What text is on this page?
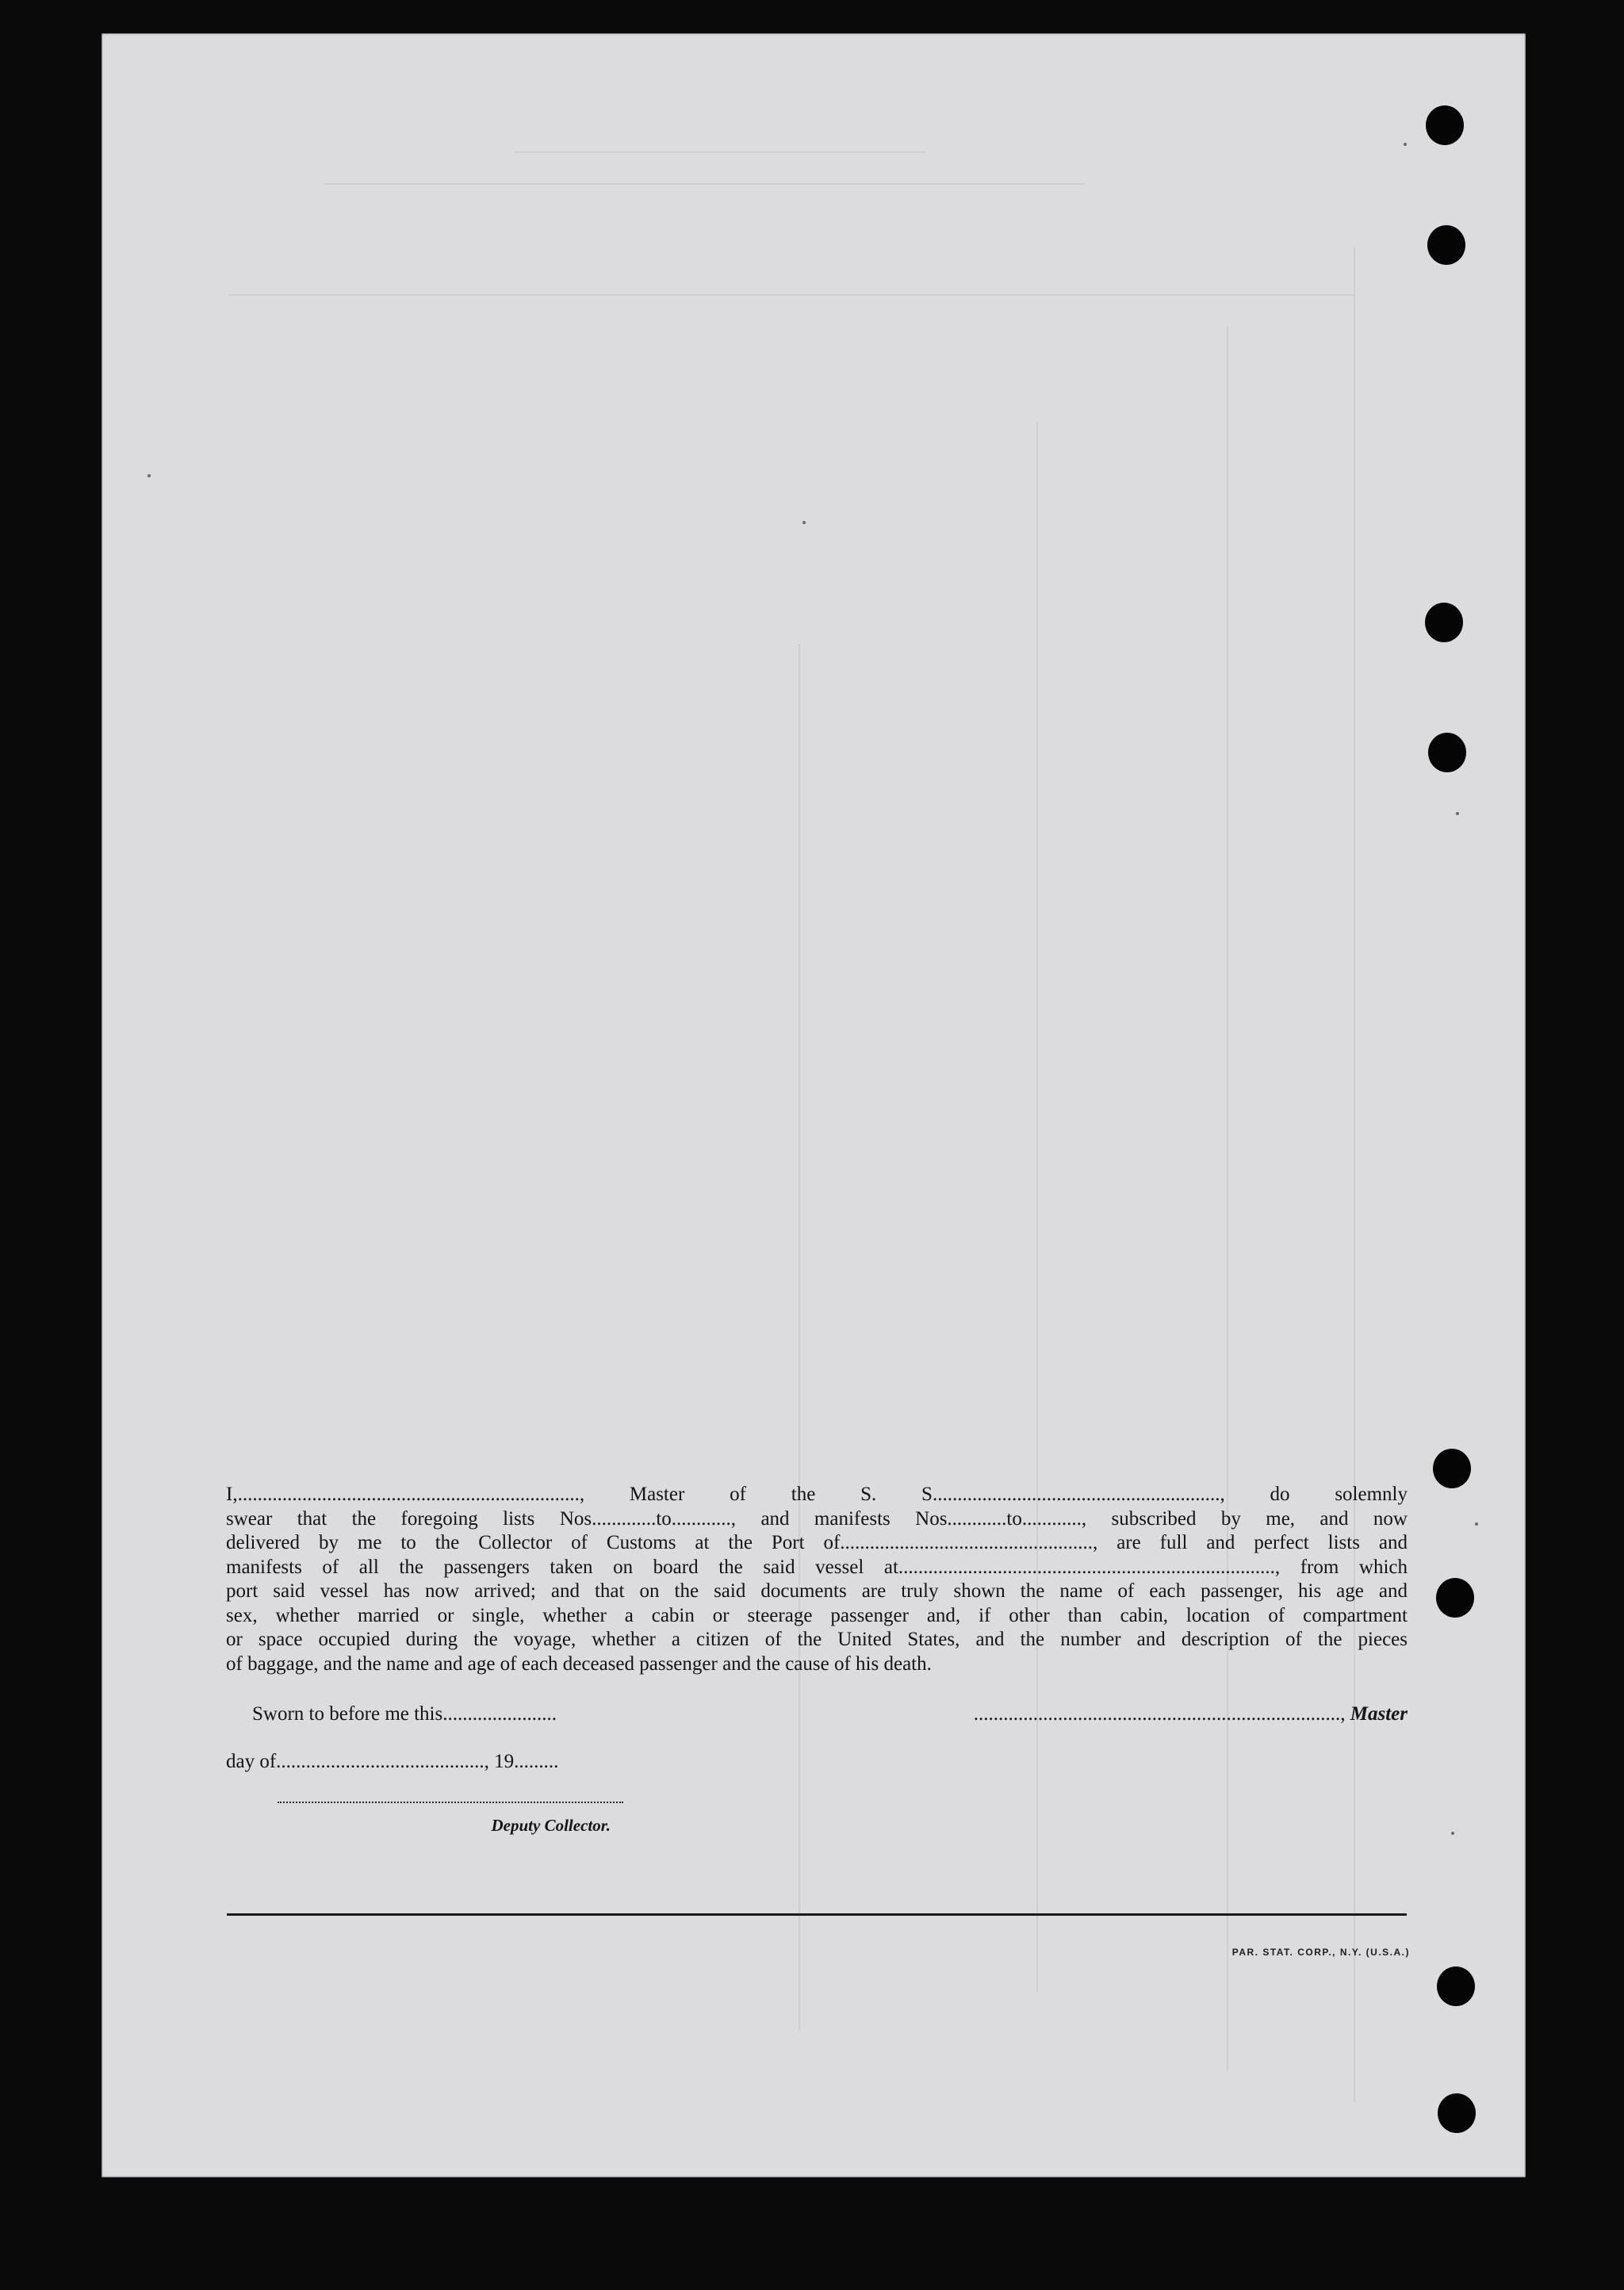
I,....................................................................., Master of the S. S.........................................................., do solemnly
swear that the foregoing lists Nos.............to............, and manifests Nos............to............, subscribed by me, and now
delivered by me to the Collector of Customs at the Port of..................................................., are full and perfect lists and
manifests of all the passengers taken on board the said vessel at............................................................................, from which
port said vessel has now arrived; and that on the said documents are truly shown the name of each passenger, his age and
sex, whether married or single, whether a cabin or steerage passenger and, if other than cabin, location of compartment
or space occupied during the voyage, whether a citizen of the United States, and the number and description of the pieces
of baggage, and the name and age of each deceased passenger and the cause of his death.
Sworn to before me this.......................
day of.........................................., 19.........
.........................................................................., Master
Deputy Collector.
PAR. STAT. CORP., N.Y. (U.S.A.)
